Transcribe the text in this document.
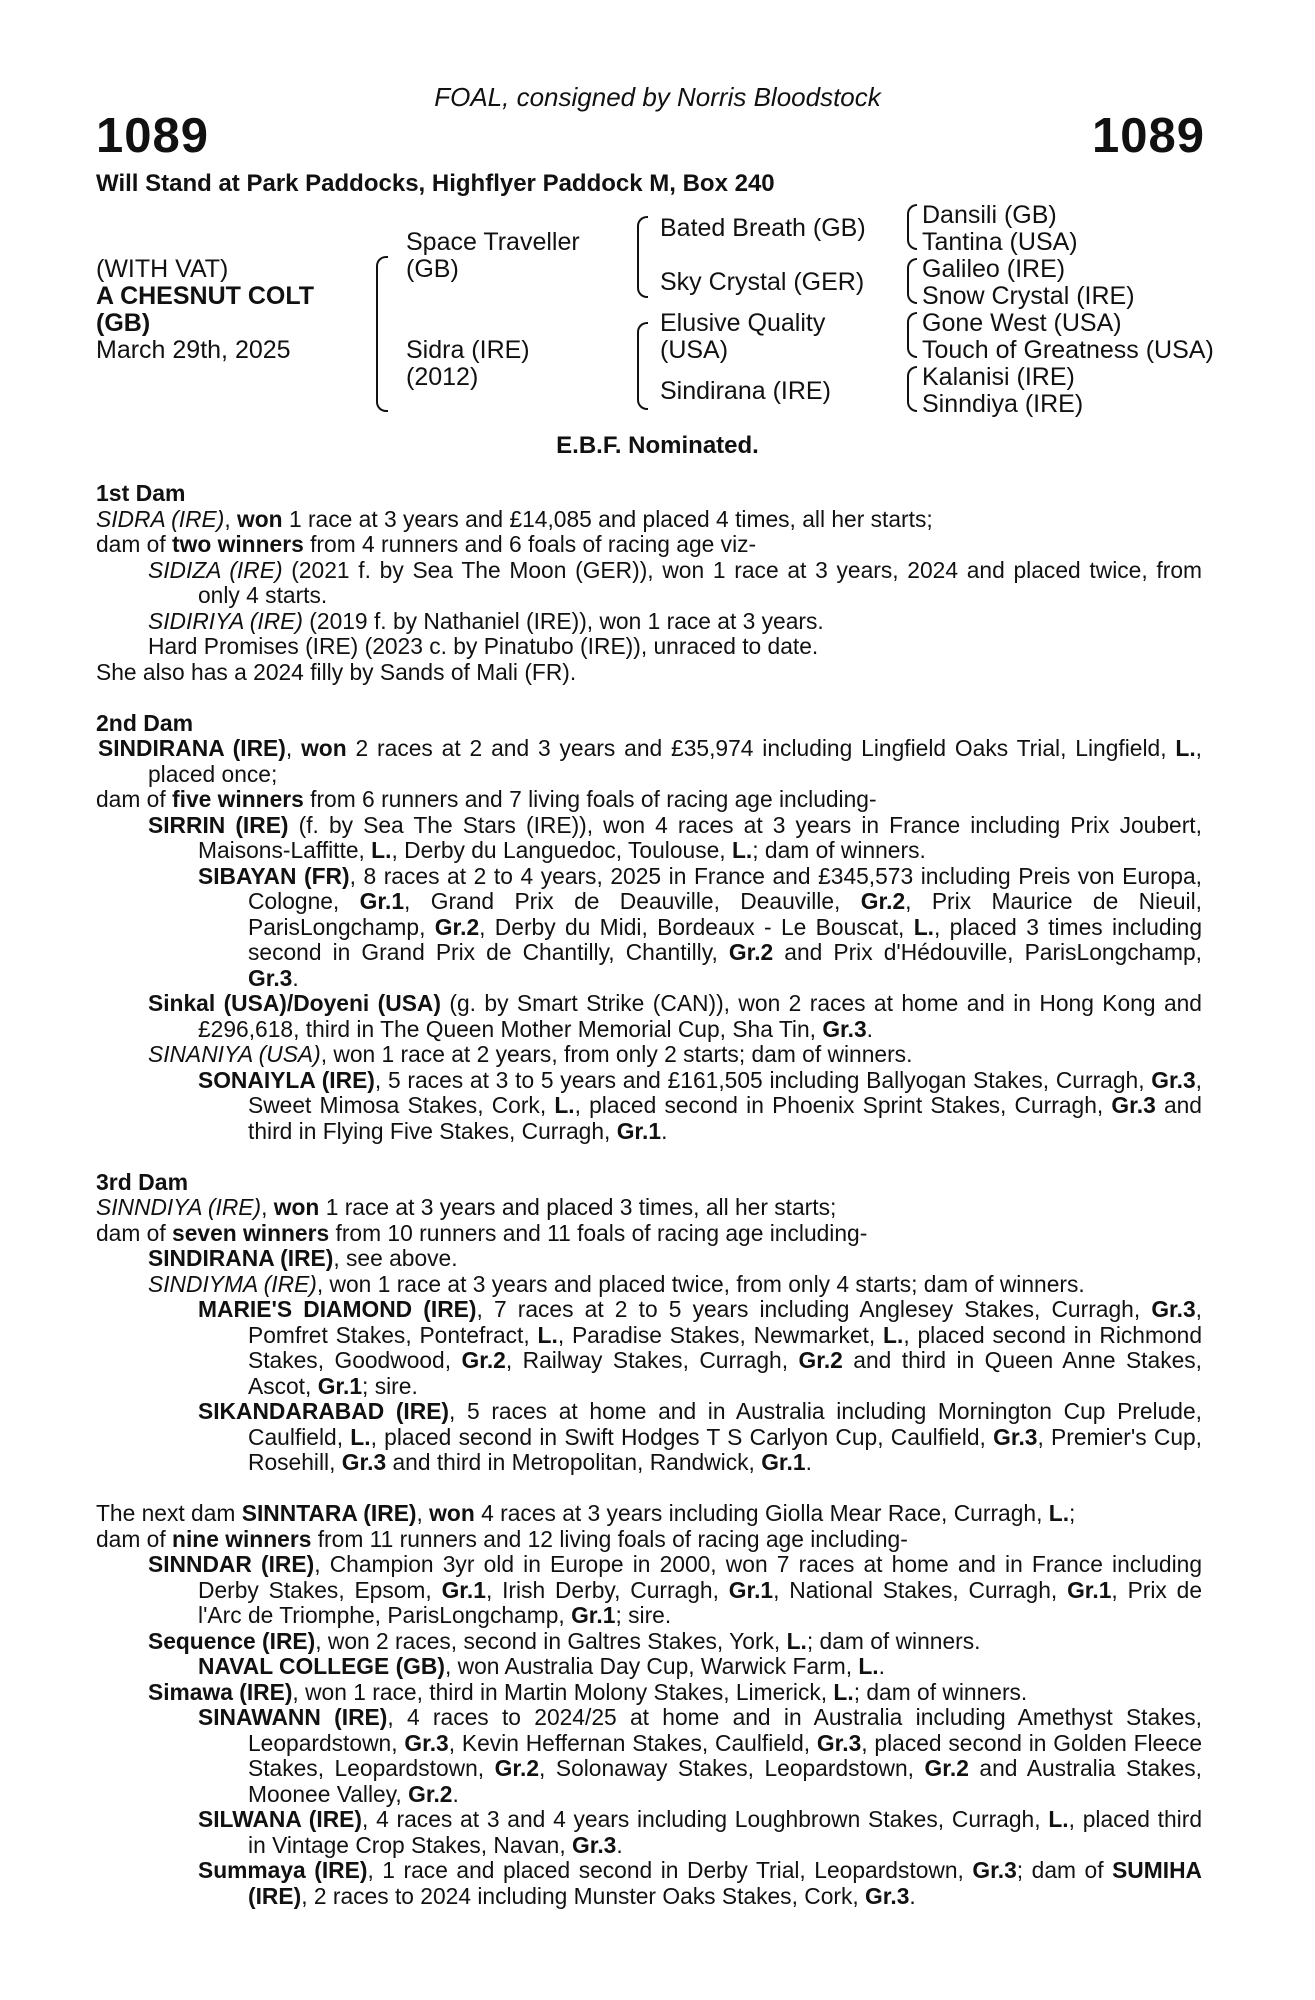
FOAL, consigned by Norris Bloodstock
1089	1089
Will Stand at Park Paddocks, Highflyer Paddock M, Box 240
(WITH VAT)
A CHESNUT COLT
(GB)
March 29th, 2025
Space Traveller
(GB)
Sidra (IRE)
(2012)
Bated Breath (GB)
Sky Crystal (GER)
Elusive Quality
(USA)
Sindirana (IRE)
Dansili (GB)
Tantina (USA)
Galileo (IRE)
Snow Crystal (IRE)
Gone West (USA)
Touch of Greatness (USA)
Kalanisi (IRE)
Sinndiya (IRE)
E.B.F. Nominated.

1st Dam

SIDRA (IRE), won 1 race at 3 years and £14,085 and placed 4 times, all her starts;

dam of two winners from 4 runners and 6 foals of racing age viz-

SIDIZA (IRE) (2021 f. by Sea The Moon (GER)), won 1 race at 3 years, 2024 and placed twice, from only 4 starts.

SIDIRIYA (IRE) (2019 f. by Nathaniel (IRE)), won 1 race at 3 years.

Hard Promises (IRE) (2023 c. by Pinatubo (IRE)), unraced to date.

She also has a 2024 filly by Sands of Mali (FR).

2nd Dam

SINDIRANA (IRE), won 2 races at 2 and 3 years and £35,974 including Lingfield Oaks Trial, Lingfield, L., placed once;

dam of five winners from 6 runners and 7 living foals of racing age including-

SIRRIN (IRE) (f. by Sea The Stars (IRE)), won 4 races at 3 years in France including Prix Joubert, Maisons-Laffitte, L., Derby du Languedoc, Toulouse, L.; dam of winners.

SIBAYAN (FR), 8 races at 2 to 4 years, 2025 in France and £345,573 including Preis von Europa, Cologne, Gr.1, Grand Prix de Deauville, Deauville, Gr.2, Prix Maurice de Nieuil, ParisLongchamp, Gr.2, Derby du Midi, Bordeaux - Le Bouscat, L., placed 3 times including second in Grand Prix de Chantilly, Chantilly, Gr.2 and Prix d'Hédouville, ParisLongchamp, Gr.3.

Sinkal (USA)/Doyeni (USA) (g. by Smart Strike (CAN)), won 2 races at home and in Hong Kong and £296,618, third in The Queen Mother Memorial Cup, Sha Tin, Gr.3.

SINANIYA (USA), won 1 race at 2 years, from only 2 starts; dam of winners.

SONAIYLA (IRE), 5 races at 3 to 5 years and £161,505 including Ballyogan Stakes, Curragh, Gr.3, Sweet Mimosa Stakes, Cork, L., placed second in Phoenix Sprint Stakes, Curragh, Gr.3 and third in Flying Five Stakes, Curragh, Gr.1.

3rd Dam

SINNDIYA (IRE), won 1 race at 3 years and placed 3 times, all her starts;

dam of seven winners from 10 runners and 11 foals of racing age including-

SINDIRANA (IRE), see above.

SINDIYMA (IRE), won 1 race at 3 years and placed twice, from only 4 starts; dam of winners.

MARIE'S DIAMOND (IRE), 7 races at 2 to 5 years including Anglesey Stakes, Curragh, Gr.3, Pomfret Stakes, Pontefract, L., Paradise Stakes, Newmarket, L., placed second in Richmond Stakes, Goodwood, Gr.2, Railway Stakes, Curragh, Gr.2 and third in Queen Anne Stakes, Ascot, Gr.1; sire.

SIKANDARABAD (IRE), 5 races at home and in Australia including Mornington Cup Prelude, Caulfield, L., placed second in Swift Hodges T S Carlyon Cup, Caulfield, Gr.3, Premier's Cup, Rosehill, Gr.3 and third in Metropolitan, Randwick, Gr.1.

The next dam SINNTARA (IRE), won 4 races at 3 years including Giolla Mear Race, Curragh, L.;

dam of nine winners from 11 runners and 12 living foals of racing age including-

SINNDAR (IRE), Champion 3yr old in Europe in 2000, won 7 races at home and in France including Derby Stakes, Epsom, Gr.1, Irish Derby, Curragh, Gr.1, National Stakes, Curragh, Gr.1, Prix de l'Arc de Triomphe, ParisLongchamp, Gr.1; sire.

Sequence (IRE), won 2 races, second in Galtres Stakes, York, L.; dam of winners.

NAVAL COLLEGE (GB), won Australia Day Cup, Warwick Farm, L..

Simawa (IRE), won 1 race, third in Martin Molony Stakes, Limerick, L.; dam of winners.

SINAWANN (IRE), 4 races to 2024/25 at home and in Australia including Amethyst Stakes, Leopardstown, Gr.3, Kevin Heffernan Stakes, Caulfield, Gr.3, placed second in Golden Fleece Stakes, Leopardstown, Gr.2, Solonaway Stakes, Leopardstown, Gr.2 and Australia Stakes, Moonee Valley, Gr.2.

SILWANA (IRE), 4 races at 3 and 4 years including Loughbrown Stakes, Curragh, L., placed third in Vintage Crop Stakes, Navan, Gr.3.

Summaya (IRE), 1 race and placed second in Derby Trial, Leopardstown, Gr.3; dam of SUMIHA (IRE), 2 races to 2024 including Munster Oaks Stakes, Cork, Gr.3.
